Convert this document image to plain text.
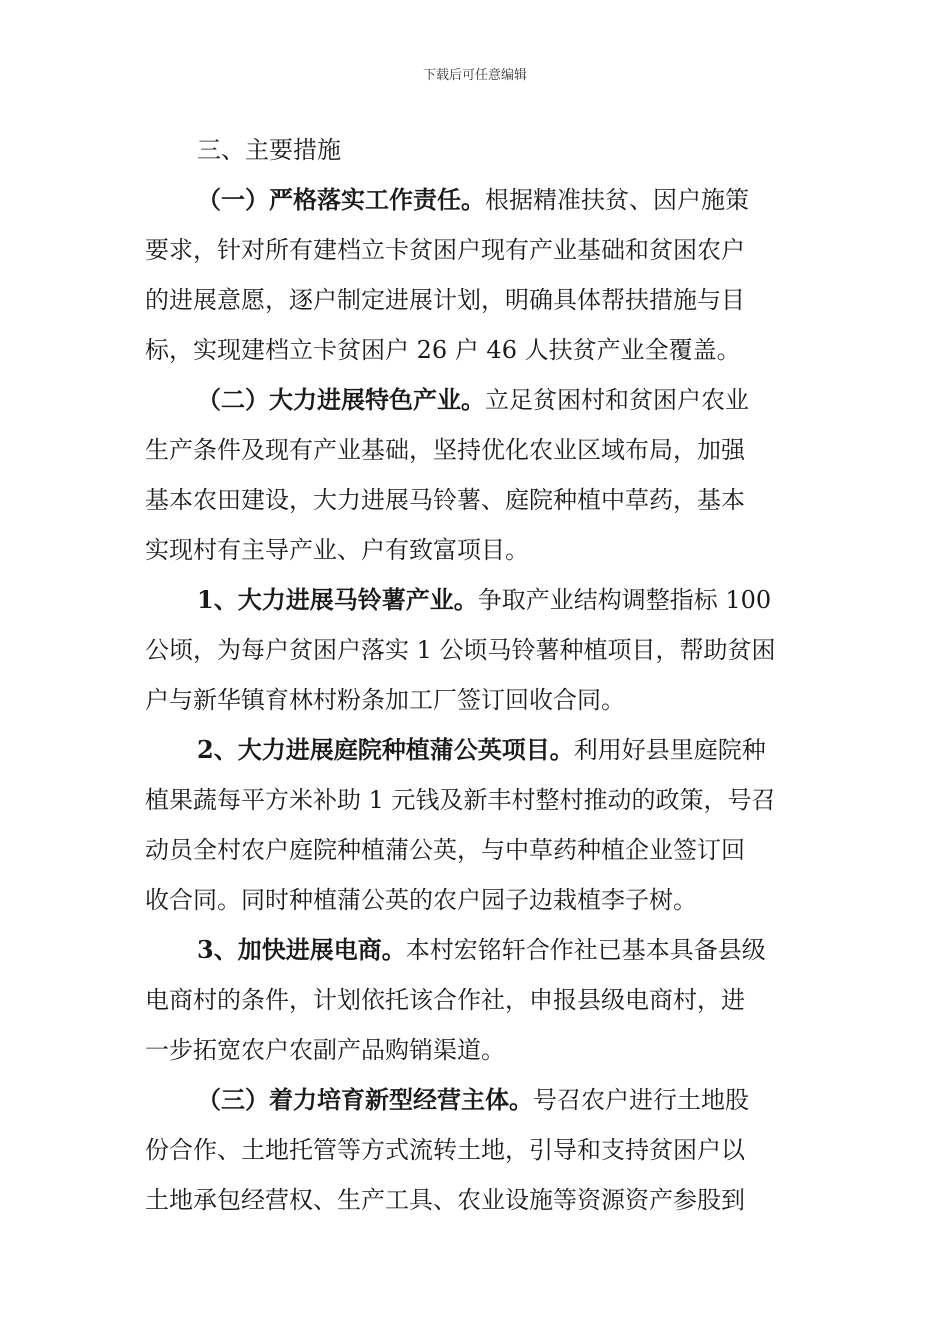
下载后可任意编辑

三、主要措施

（一）严格落实工作责任。根据精准扶贫、因户施策
要求，针对所有建档立卡贫困户现有产业基础和贫困农户
的进展意愿，逐户制定进展计划，明确具体帮扶措施与目
标，实现建档立卡贫困户 26 户 46 人扶贫产业全覆盖。

（二）大力进展特色产业。立足贫困村和贫困户农业
生产条件及现有产业基础，坚持优化农业区域布局，加强
基本农田建设，大力进展马铃薯、庭院种植中草药，基本
实现村有主导产业、户有致富项目。

1、大力进展马铃薯产业。争取产业结构调整指标 100
公顷，为每户贫困户落实 1 公顷马铃薯种植项目，帮助贫困
户与新华镇育林村粉条加工厂签订回收合同。

2、大力进展庭院种植蒲公英项目。利用好县里庭院种
植果蔬每平方米补助 1 元钱及新丰村整村推动的政策，号召
动员全村农户庭院种植蒲公英，与中草药种植企业签订回
收合同。同时种植蒲公英的农户园子边栽植李子树。

3、加快进展电商。本村宏铭轩合作社已基本具备县级
电商村的条件，计划依托该合作社，申报县级电商村，进
一步拓宽农户农副产品购销渠道。

（三）着力培育新型经营主体。号召农户进行土地股
份合作、土地托管等方式流转土地，引导和支持贫困户以
土地承包经营权、生产工具、农业设施等资源资产参股到
